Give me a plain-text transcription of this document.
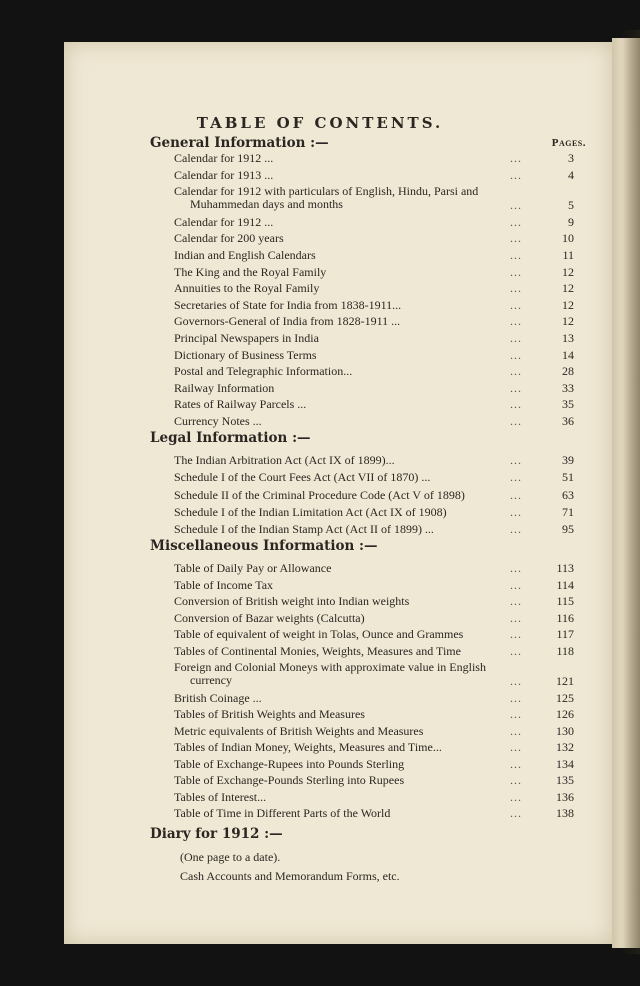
TABLE OF CONTENTS.
Pages.
General Information :—
Calendar for 1912 ...	...	3
Calendar for 1913 ...	...	4
Calendar for 1912 with particulars of English, Hindu, Parsi and
Muhammedan days and months	...	5
Calendar for 1912 ...	...	9
Calendar for 200 years	...	10
Indian and English Calendars	...	11
The King and the Royal Family	...	12
Annuities to the Royal Family	...	12
Secretaries of State for India from 1838-1911...	...	12
Governors-General of India from 1828-1911 ...	...	12
Principal Newspapers in India	...	13
Dictionary of Business Terms	...	14
Postal and Telegraphic Information...	...	28
Railway Information	...	33
Rates of Railway Parcels ...	...	35
Currency Notes ...	...	36
Legal Information :—
The Indian Arbitration Act (Act IX of 1899)...	...	39
Schedule I of the Court Fees Act (Act VII of 1870) ...	...	51
Schedule II of the Criminal Procedure Code (Act V of 1898)	...	63
Schedule I of the Indian Limitation Act (Act IX of 1908)	...	71
Schedule I of the Indian Stamp Act (Act II of 1899) ...	...	95
Miscellaneous Information :—
Table of Daily Pay or Allowance	...	113
Table of Income Tax	...	114
Conversion of British weight into Indian weights	...	115
Conversion of Bazar weights (Calcutta)	...	116
Table of equivalent of weight in Tolas, Ounce and Grammes	...	117
Tables of Continental Monies, Weights, Measures and Time	...	118
Foreign and Colonial Moneys with approximate value in English
currency	...	121
British Coinage ...	...	125
Tables of British Weights and Measures	...	126
Metric equivalents of British Weights and Measures	...	130
Tables of Indian Money, Weights, Measures and Time...	...	132
Table of Exchange-Rupees into Pounds Sterling	...	134
Table of Exchange-Pounds Sterling into Rupees	...	135
Tables of Interest...	...	136
Table of Time in Different Parts of the World	...	138
Diary for 1912 :—
(One page to a date).
Cash Accounts and Memorandum Forms, etc.
